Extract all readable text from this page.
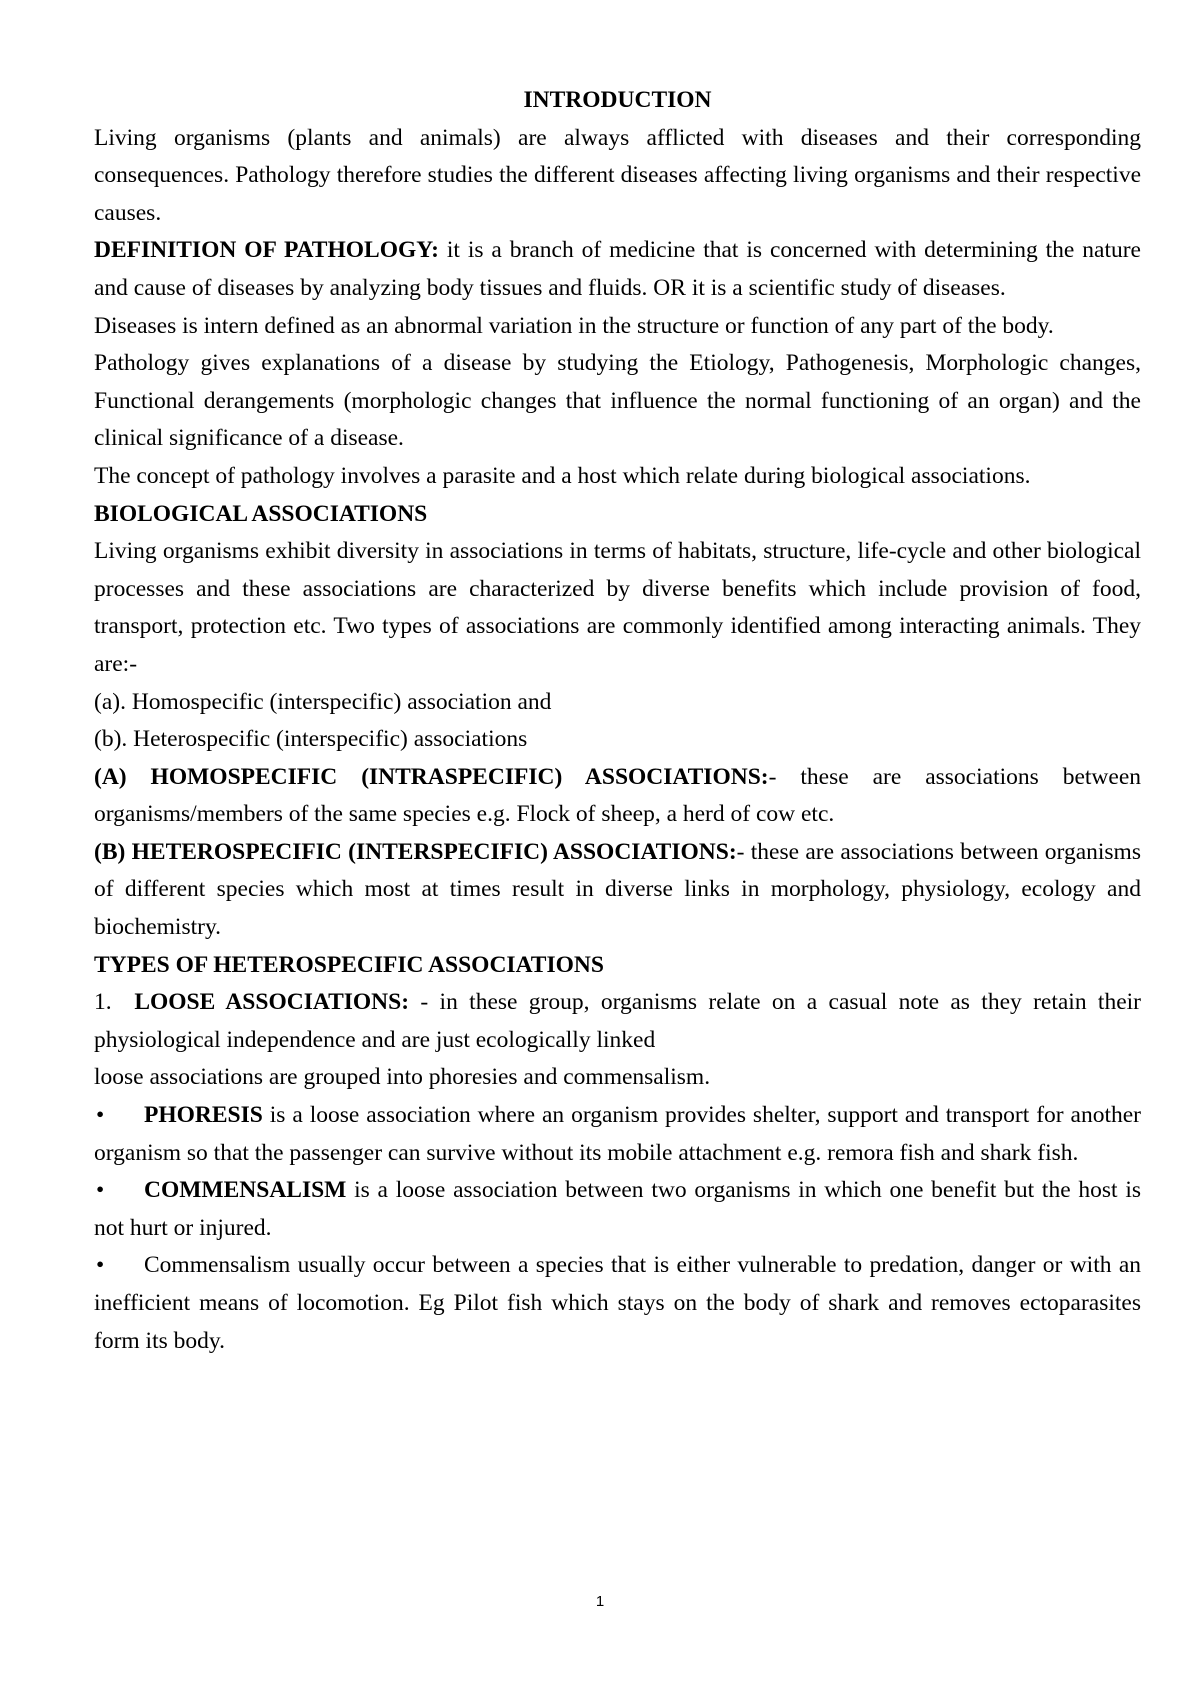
INTRODUCTION

Living organisms (plants and animals) are always afflicted with diseases and their corresponding consequences. Pathology therefore studies the different diseases affecting living organisms and their respective causes.

DEFINITION OF PATHOLOGY: it is a branch of medicine that is concerned with determining the nature and cause of diseases by analyzing body tissues and fluids. OR it is a scientific study of diseases.

Diseases is intern defined as an abnormal variation in the structure or function of any part of the body.

Pathology gives explanations of a disease by studying the Etiology, Pathogenesis, Morphologic changes, Functional derangements (morphologic changes that influence the normal functioning of an organ) and the clinical significance of a disease.

The concept of pathology involves a parasite and a host which relate during biological associations.

BIOLOGICAL ASSOCIATIONS

Living organisms exhibit diversity in associations in terms of habitats, structure, life-cycle and other biological processes and these associations are characterized by diverse benefits which include provision of food, transport, protection etc. Two types of associations are commonly identified among interacting animals. They are:-

(a). Homospecific (interspecific) association and

(b). Heterospecific (interspecific) associations

(A) HOMOSPECIFIC (INTRASPECIFIC) ASSOCIATIONS:- these are associations between organisms/members of the same species e.g. Flock of sheep, a herd of cow etc.

(B) HETEROSPECIFIC (INTERSPECIFIC) ASSOCIATIONS:- these are associations between organisms of different species which most at times result in diverse links in morphology, physiology, ecology and biochemistry.

TYPES OF HETEROSPECIFIC ASSOCIATIONS

1. LOOSE ASSOCIATIONS: - in these group, organisms relate on a casual note as they retain their physiological independence and are just ecologically linked

loose associations are grouped into phoresies and commensalism.

• PHORESIS is a loose association where an organism provides shelter, support and transport for another organism so that the passenger can survive without its mobile attachment e.g. remora fish and shark fish.

• COMMENSALISM is a loose association between two organisms in which one benefit but the host is not hurt or injured.

• Commensalism usually occur between a species that is either vulnerable to predation, danger or with an inefficient means of locomotion. Eg Pilot fish which stays on the body of shark and removes ectoparasites form its body.

1
